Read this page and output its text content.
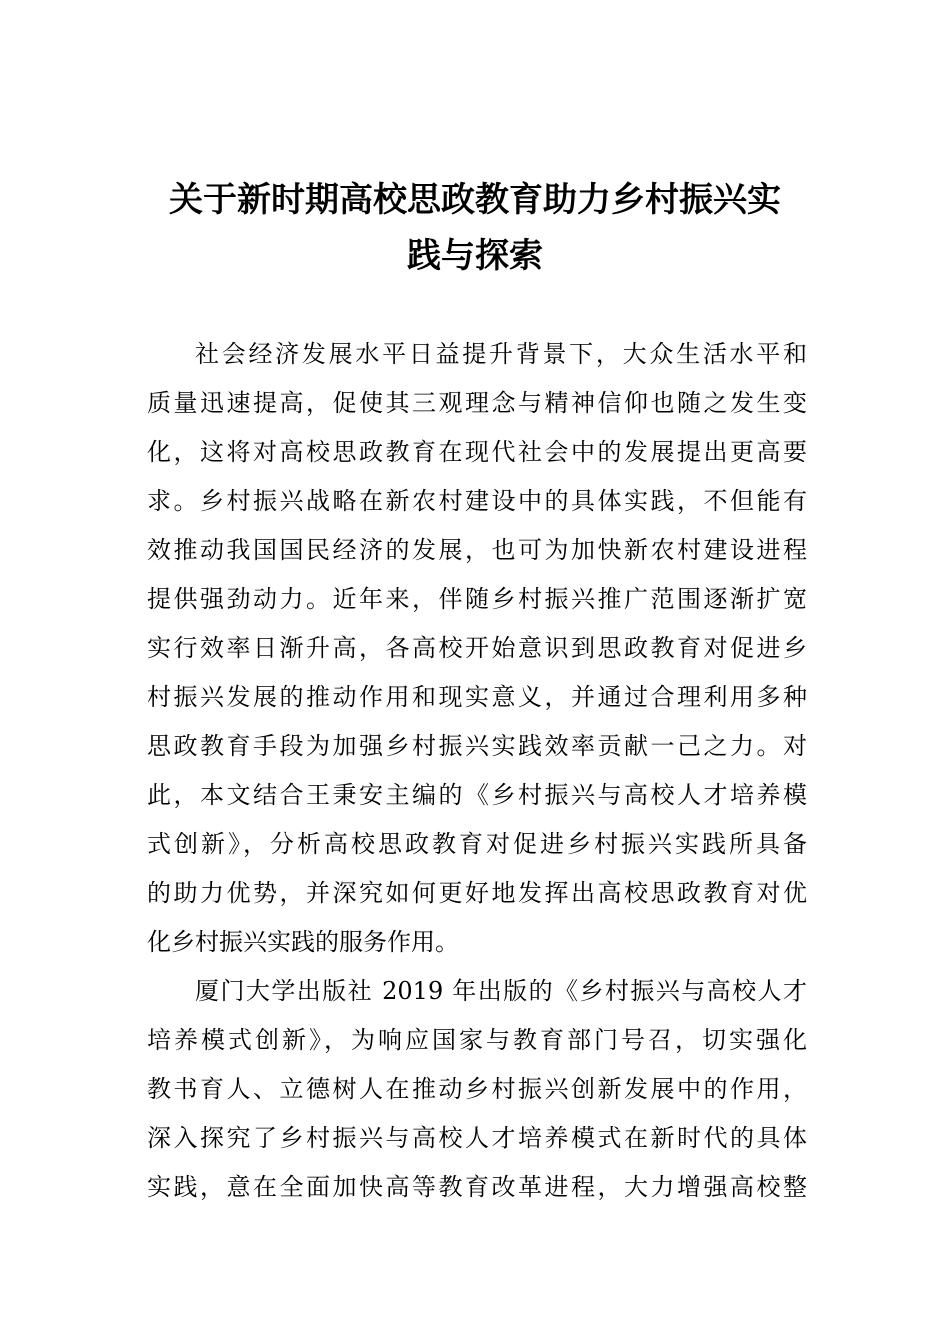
关于新时期高校思政教育助力乡村振兴实
践与探索
社会经济发展水平日益提升背景下，大众生活水平和
质量迅速提高，促使其三观理念与精神信仰也随之发生变
化，这将对高校思政教育在现代社会中的发展提出更高要
求。乡村振兴战略在新农村建设中的具体实践，不但能有
效推动我国国民经济的发展，也可为加快新农村建设进程
提供强劲动力。近年来，伴随乡村振兴推广范围逐渐扩宽
实行效率日渐升高，各高校开始意识到思政教育对促进乡
村振兴发展的推动作用和现实意义，并通过合理利用多种
思政教育手段为加强乡村振兴实践效率贡献一己之力。对
此，本文结合王秉安主编的《乡村振兴与高校人才培养模
式创新》，分析高校思政教育对促进乡村振兴实践所具备
的助力优势，并深究如何更好地发挥出高校思政教育对优
化乡村振兴实践的服务作用。
厦门大学出版社 2019 年出版的《乡村振兴与高校人才
培养模式创新》，为响应国家与教育部门号召，切实强化
教书育人、立德树人在推动乡村振兴创新发展中的作用，
深入探究了乡村振兴与高校人才培养模式在新时代的具体
实践，意在全面加快高等教育改革进程，大力增强高校整
